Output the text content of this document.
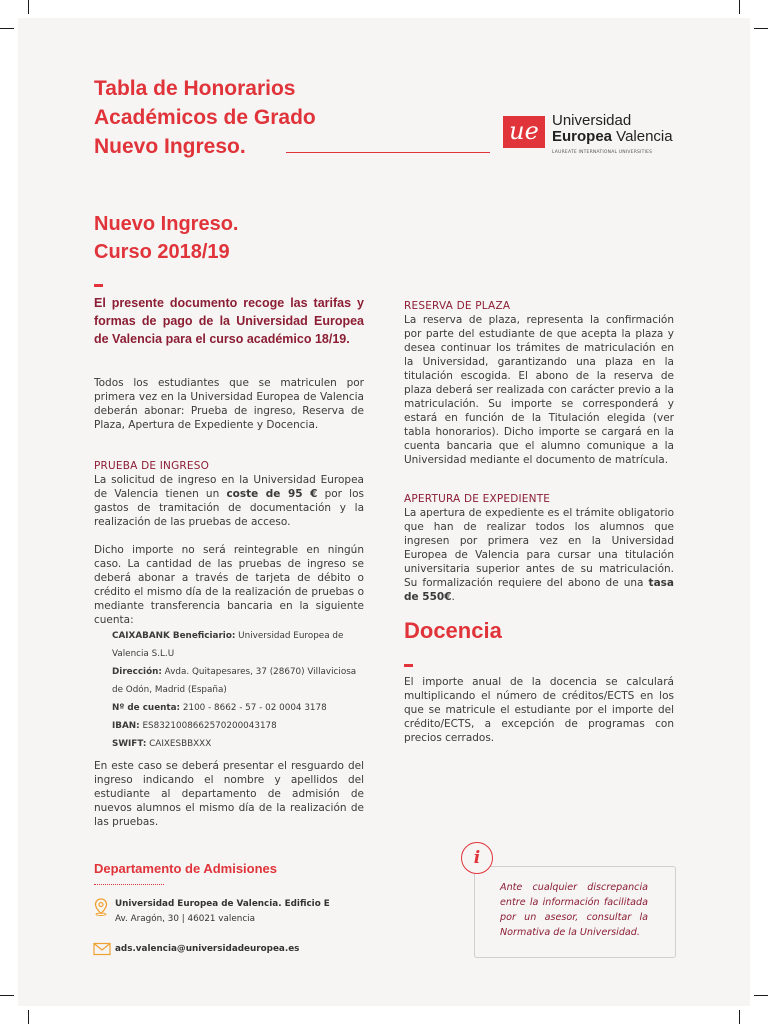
Tabla de Honorarios
Académicos de Grado
Nuevo Ingreso.
ue Universidad
Europea Valencia
LAUREATE INTERNATIONAL UNIVERSITIES
Nuevo Ingreso.
Curso 2018/19
El presente documento recoge las tarifas y formas de pago de la Universidad Europea de Valencia para el curso académico 18/19.
Todos los estudiantes que se matriculen por primera vez en la Universidad Europea de Valencia deberán abonar: Prueba de ingreso, Reserva de Plaza, Apertura de Expediente y Docencia.
PRUEBA DE INGRESO
La solicitud de ingreso en la Universidad Europea de Valencia tienen un coste de 95 € por los gastos de tramitación de documentación y la realización de las pruebas de acceso.
Dicho importe no será reintegrable en ningún caso. La cantidad de las pruebas de ingreso se deberá abonar a través de tarjeta de débito o crédito el mismo día de la realización de pruebas o mediante transferencia bancaria en la siguiente cuenta:
CAIXABANK Beneficiario: Universidad Europea de Valencia S.L.U
Dirección: Avda. Quitapesares, 37 (28670) Villaviciosa de Odón, Madrid (España)
Nº de cuenta: 2100 - 8662 - 57 - 02 0004 3178
IBAN: ES8321008662570200043178
SWIFT: CAIXESBBXXX
En este caso se deberá presentar el resguardo del ingreso indicando el nombre y apellidos del estudiante al departamento de admisión de nuevos alumnos el mismo día de la realización de las pruebas.
Departamento de Admisiones
Universidad Europea de Valencia. Edificio E
Av. Aragón, 30 | 46021 valencia
ads.valencia@universidadeuropea.es
RESERVA DE PLAZA
La reserva de plaza, representa la confirmación por parte del estudiante de que acepta la plaza y desea continuar los trámites de matriculación en la Universidad, garantizando una plaza en la titulación escogida. El abono de la reserva de plaza deberá ser realizada con carácter previo a la matriculación. Su importe se corresponderá y estará en función de la Titulación elegida (ver tabla honorarios). Dicho importe se cargará en la cuenta bancaria que el alumno comunique a la Universidad mediante el documento de matrícula.
APERTURA DE EXPEDIENTE
La apertura de expediente es el trámite obligatorio que han de realizar todos los alumnos que ingresen por primera vez en la Universidad Europea de Valencia para cursar una titulación universitaria superior antes de su matriculación. Su formalización requiere del abono de una tasa de 550€.
Docencia
El importe anual de la docencia se calculará multiplicando el número de créditos/ECTS en los que se matricule el estudiante por el importe del crédito/ECTS, a excepción de programas con precios cerrados.
i
Ante cualquier discrepancia entre la información facilitada por un asesor, consultar la Normativa de la Universidad.
